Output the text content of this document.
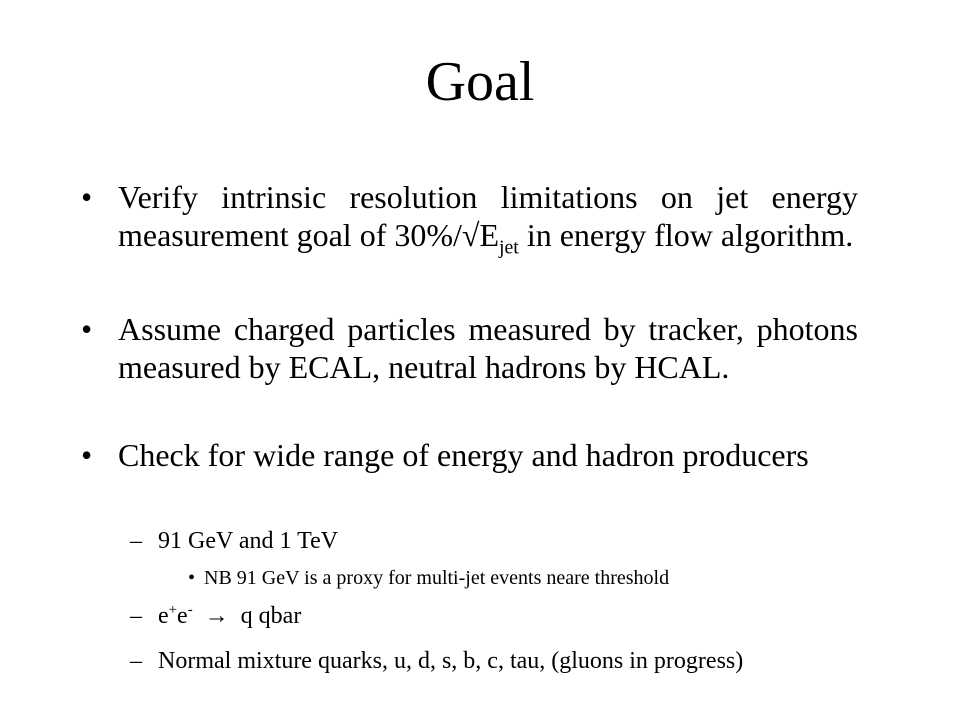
Goal
• Verify intrinsic resolution limitations on jet energy measurement goal of $30\%/√E_{jet}$ in energy flow algorithm.
• Assume charged particles measured by tracker, photons measured by ECAL, neutral hadrons by HCAL.
• Check for wide range of energy and hadron producers
– 91 GeV and 1 TeV
• NB 91 GeV is a proxy for multi-jet events neare threshold
– e+e-  →  q qbar
– Normal mixture quarks, u, d, s, b, c, tau, (gluons in progress)
